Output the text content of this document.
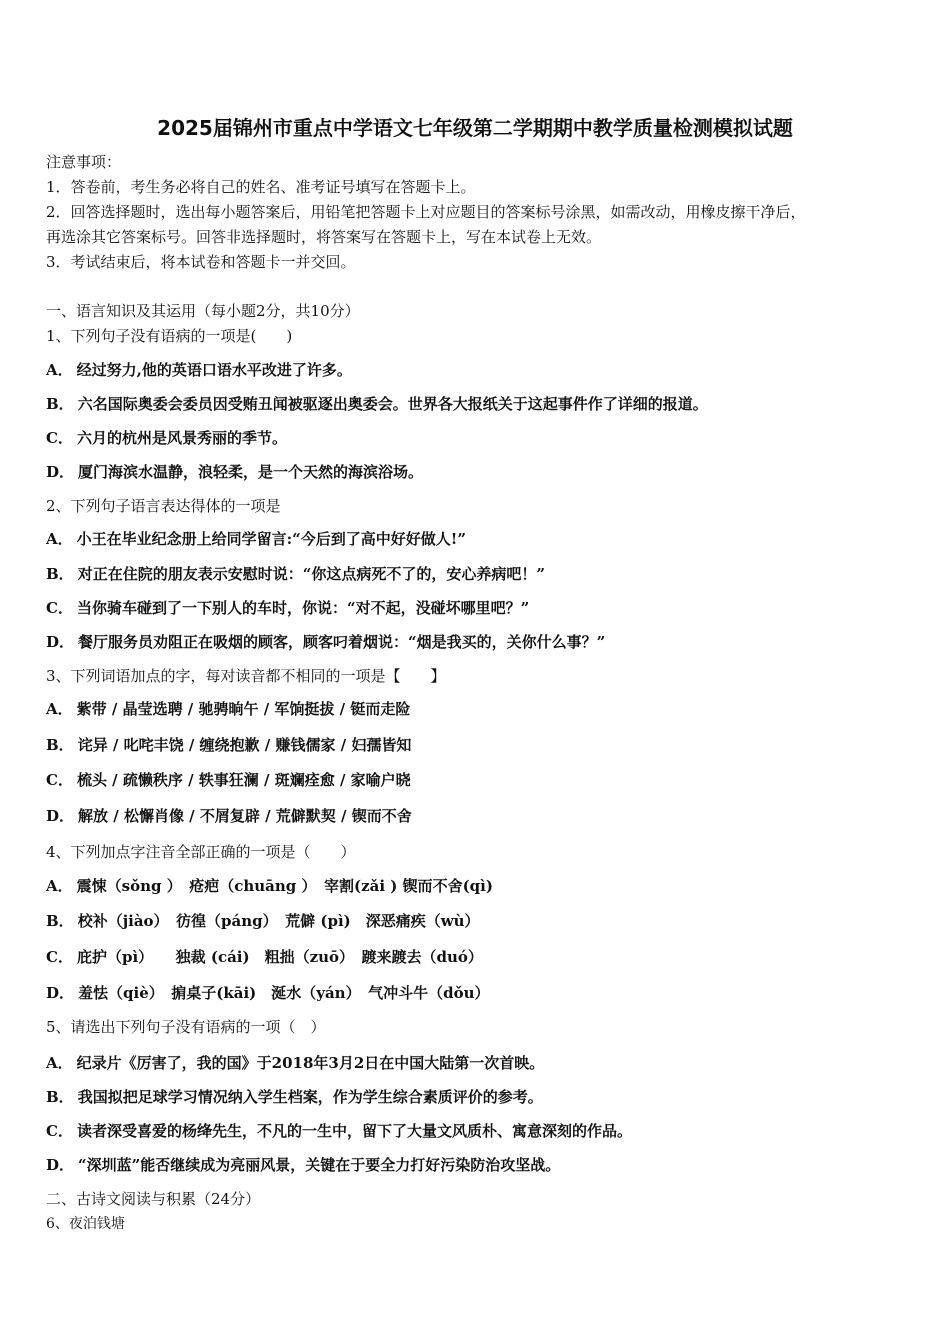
2025届锦州市重点中学语文七年级第二学期期中教学质量检测模拟试题
注意事项：
1．答卷前，考生务必将自己的姓名、准考证号填写在答题卡上。
2．回答选择题时，选出每小题答案后，用铅笔把答题卡上对应题目的答案标号涂黑，如需改动，用橡皮擦干净后，
再选涂其它答案标号。回答非选择题时，将答案写在答题卡上，写在本试卷上无效。
3．考试结束后，将本试卷和答题卡一并交回。
一、语言知识及其运用（每小题2分，共10分）
1、下列句子没有语病的一项是(　　)
A． 经过努力,他的英语口语水平改进了许多。
B． 六名国际奥委会委员因受贿丑闻被驱逐出奥委会。世界各大报纸关于这起事件作了详细的报道。
C． 六月的杭州是风景秀丽的季节。
D． 厦门海滨水温静，浪轻柔，是一个天然的海滨浴场。
2、下列句子语言表达得体的一项是
A． 小王在毕业纪念册上给同学留言:“今后到了高中好好做人!”
B． 对正在住院的朋友表示安慰时说：“你这点病死不了的，安心养病吧！”
C． 当你骑车碰到了一下别人的车时，你说：“对不起，没碰坏哪里吧？”
D． 餐厅服务员劝阻正在吸烟的顾客，顾客叼着烟说：“烟是我买的，关你什么事？”
3、下列词语加点的字，每对读音都不相同的一项是【　　】
A． 紫带 / 晶莹选聘 / 驰骋晌午 / 军饷挺拔 / 铤而走险
B． 诧异 / 叱咤丰饶 / 缠绕抱歉 / 赚钱儒家 / 妇孺皆知
C． 梳头 / 疏懒秩序 / 轶事狂澜 / 斑斓痊愈 / 家喻户晓
D． 解放 / 松懈肖像 / 不屑复辟 / 荒僻默契 / 锲而不舍
4、下列加点字注音全部正确的一项是（　　）
A． 震悚（sǒng ）　疮疤（chuāng ）　宰割(zǎi ) 锲而不舍(qì)
B． 校补（jiào）　彷徨（páng）　荒僻 (pì)　深恶痛疾（wù）
C． 庇护（pì）　　独裁 (cái)　粗拙（zuō）　踱来踱去（duó）
D． 羞怯（qiè）　掮桌子(kāi)　涎水（yán）　气冲斗牛（dǒu）
5、请选出下列句子没有语病的一项（　）
A． 纪录片《厉害了，我的国》于2018年3月2日在中国大陆第一次首映。
B． 我国拟把足球学习情况纳入学生档案，作为学生综合素质评价的参考。
C． 读者深受喜爱的杨绛先生，不凡的一生中，留下了大量文风质朴、寓意深刻的作品。
D． “深圳蓝”能否继续成为亮丽风景，关键在于要全力打好污染防治攻坚战。
二、古诗文阅读与积累（24分）
6、夜泊钱塘
